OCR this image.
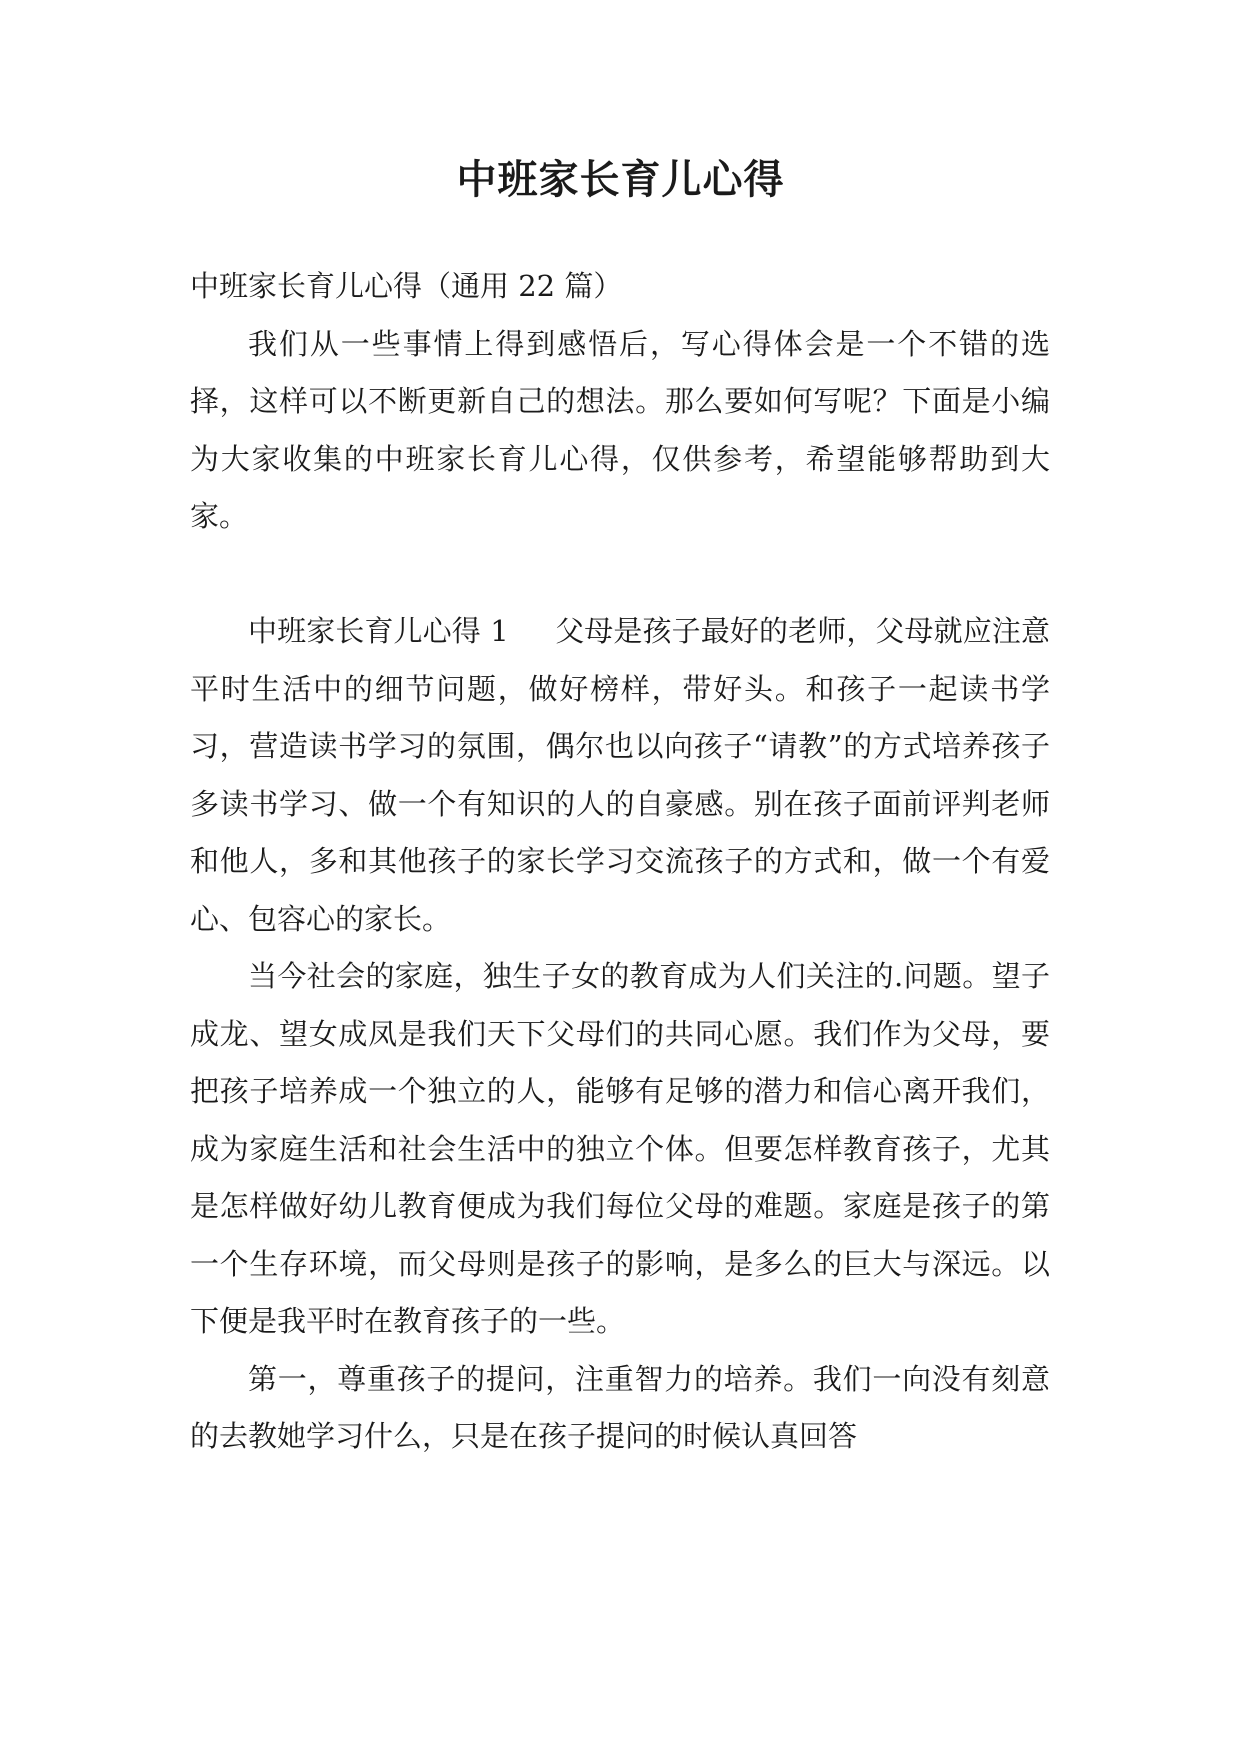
中班家长育儿心得

中班家长育儿心得（通用 22 篇）

我们从一些事情上得到感悟后，写心得体会是一个不错的选择，这样可以不断更新自己的想法。那么要如何写呢？下面是小编为大家收集的中班家长育儿心得，仅供参考，希望能够帮助到大家。

中班家长育儿心得 1 父母是孩子最好的老师，父母就应注意平时生活中的细节问题，做好榜样，带好头。和孩子一起读书学习，营造读书学习的氛围，偶尔也以向孩子“请教”的方式培养孩子多读书学习、做一个有知识的人的自豪感。别在孩子面前评判老师和他人，多和其他孩子的家长学习交流孩子的方式和，做一个有爱心、包容心的家长。

当今社会的家庭，独生子女的教育成为人们关注的.问题。望子成龙、望女成凤是我们天下父母们的共同心愿。我们作为父母，要把孩子培养成一个独立的人，能够有足够的潜力和信心离开我们，成为家庭生活和社会生活中的独立个体。但要怎样教育孩子，尤其是怎样做好幼儿教育便成为我们每位父母的难题。家庭是孩子的第一个生存环境，而父母则是孩子的影响，是多么的巨大与深远。以下便是我平时在教育孩子的一些。

第一，尊重孩子的提问，注重智力的培养。我们一向没有刻意的去教她学习什么，只是在孩子提问的时候认真回答
